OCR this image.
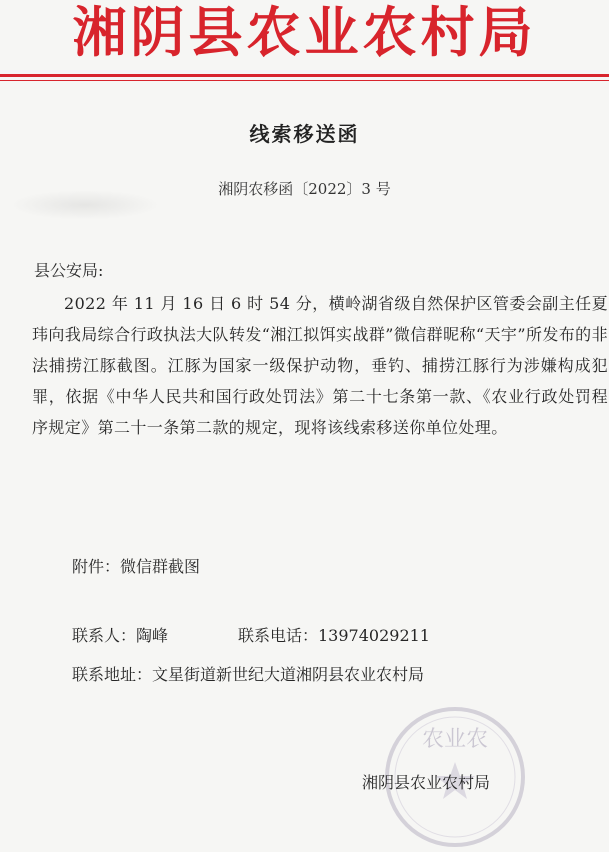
湘阴县农业农村局
线索移送函
湘阴农移函〔2022〕3 号
县公安局:
2022 年 11 月 16 日 6 时 54 分，横岭湖省级自然保护区管委会副主任夏玮向我局综合行政执法大队转发“湘江拟饵实战群”微信群昵称“天宇”所发布的非法捕捞江豚截图。江豚为国家一级保护动物，垂钓、捕捞江豚行为涉嫌构成犯罪，依据《中华人民共和国行政处罚法》第二十七条第一款、《农业行政处罚程序规定》第二十一条第二款的规定，现将该线索移送你单位处理。
附件：微信群截图
联系人：陶峰	联系电话：13974029211
联系地址：文星街道新世纪大道湘阴县农业农村局
农业农
湘阴县农业农村局
